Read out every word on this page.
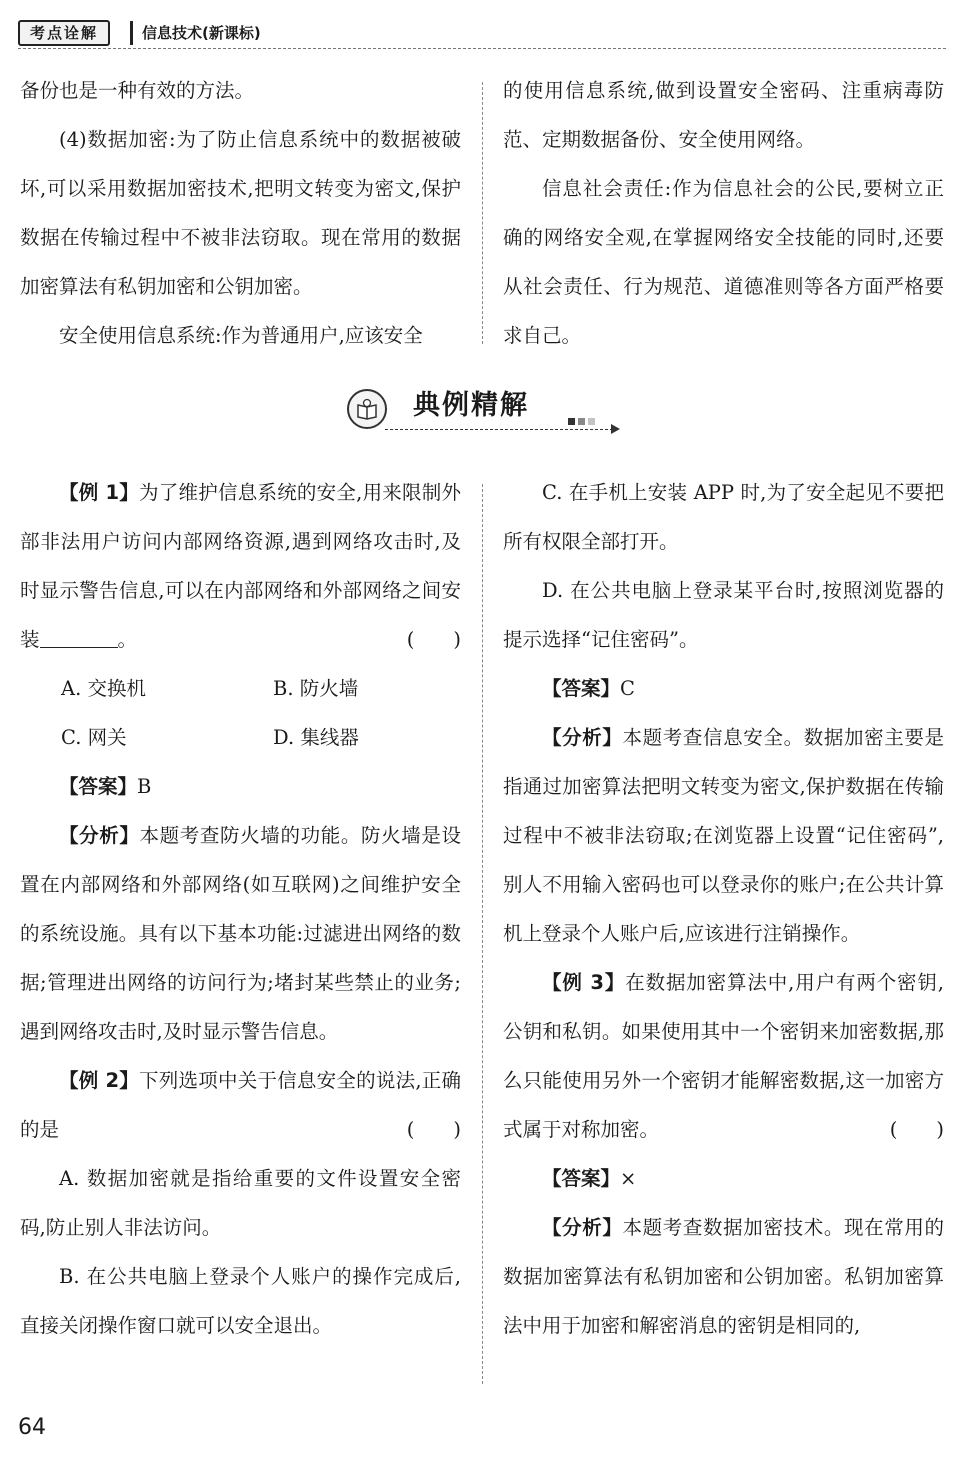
考点诠解	信息技术(新课标)

备份也是一种有效的方法。

(4)数据加密:为了防止信息系统中的数据被破坏,可以采用数据加密技术,把明文转变为密文,保护数据在传输过程中不被非法窃取。现在常用的数据加密算法有私钥加密和公钥加密。

安全使用信息系统:作为普通用户,应该安全

的使用信息系统,做到设置安全密码、注重病毒防范、定期数据备份、安全使用网络。

信息社会责任:作为信息社会的公民,要树立正确的网络安全观,在掌握网络安全技能的同时,还要从社会责任、行为规范、道德准则等各方面严格要求自己。

典例精解

【例 1】为了维护信息系统的安全,用来限制外部非法用户访问内部网络资源,遇到网络攻击时,及时显示警告信息,可以在内部网络和外部网络之间安装	。	(　　)

A. 交换机	B. 防火墙
C. 网关	D. 集线器

【答案】B

【分析】本题考查防火墙的功能。防火墙是设置在内部网络和外部网络(如互联网)之间维护安全的系统设施。具有以下基本功能:过滤进出网络的数据;管理进出网络的访问行为;堵封某些禁止的业务;遇到网络攻击时,及时显示警告信息。

【例 2】下列选项中关于信息安全的说法,正确的是	(　　)

A. 数据加密就是指给重要的文件设置安全密码,防止别人非法访问。

B. 在公共电脑上登录个人账户的操作完成后,直接关闭操作窗口就可以安全退出。

C. 在手机上安装 APP 时,为了安全起见不要把所有权限全部打开。

D. 在公共电脑上登录某平台时,按照浏览器的提示选择“记住密码”。

【答案】C

【分析】本题考查信息安全。数据加密主要是指通过加密算法把明文转变为密文,保护数据在传输过程中不被非法窃取;在浏览器上设置“记住密码”,别人不用输入密码也可以登录你的账户;在公共计算机上登录个人账户后,应该进行注销操作。

【例 3】在数据加密算法中,用户有两个密钥,公钥和私钥。如果使用其中一个密钥来加密数据,那么只能使用另外一个密钥才能解密数据,这一加密方式属于对称加密。	(　　)

【答案】×

【分析】本题考查数据加密技术。现在常用的数据加密算法有私钥加密和公钥加密。私钥加密算法中用于加密和解密消息的密钥是相同的,

64
